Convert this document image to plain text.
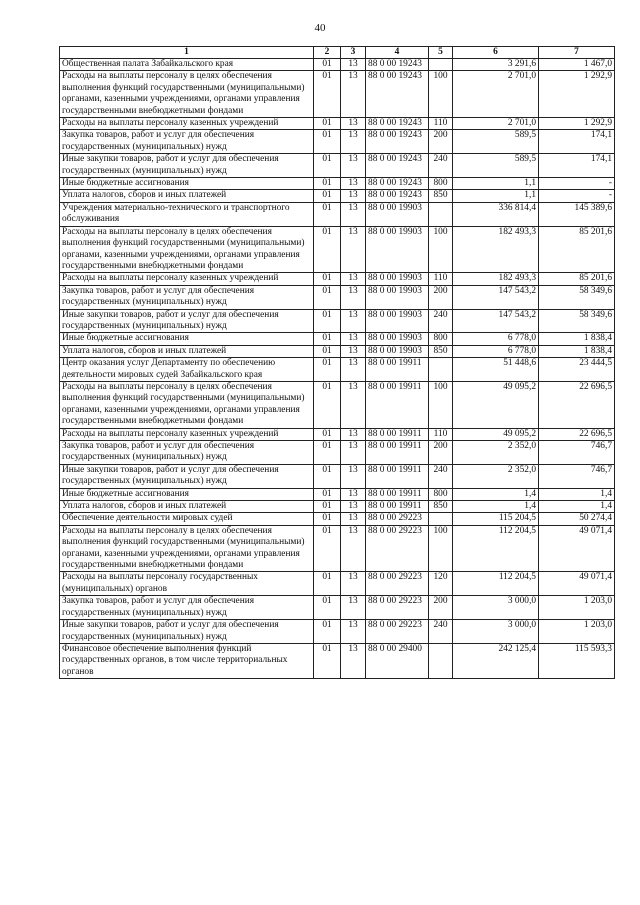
40
1	2	3	4	5	6	7
Общественная палата Забайкальского края	01	13	88 0 00 19243		3 291,6	1 467,0
Расходы на выплаты персоналу в целях обеспечения выполнения функций государственными (муниципальными) органами, казенными учреждениями, органами управления государственными внебюджетными фондами	01	13	88 0 00 19243	100	2 701,0	1 292,9
Расходы на выплаты персоналу казенных учреждений	01	13	88 0 00 19243	110	2 701,0	1 292,9
Закупка товаров, работ и услуг для обеспечения государственных (муниципальных) нужд	01	13	88 0 00 19243	200	589,5	174,1
Иные закупки товаров, работ и услуг для обеспечения государственных (муниципальных) нужд	01	13	88 0 00 19243	240	589,5	174,1
Иные бюджетные ассигнования	01	13	88 0 00 19243	800	1,1	-
Уплата налогов, сборов и иных платежей	01	13	88 0 00 19243	850	1,1	-
Учреждения материально-технического и транспортного обслуживания	01	13	88 0 00 19903		336 814,4	145 389,6
Расходы на выплаты персоналу в целях обеспечения выполнения функций государственными (муниципальными) органами, казенными учреждениями, органами управления государственными внебюджетными фондами	01	13	88 0 00 19903	100	182 493,3	85 201,6
Расходы на выплаты персоналу казенных учреждений	01	13	88 0 00 19903	110	182 493,3	85 201,6
Закупка товаров, работ и услуг для обеспечения государственных (муниципальных) нужд	01	13	88 0 00 19903	200	147 543,2	58 349,6
Иные закупки товаров, работ и услуг для обеспечения государственных (муниципальных) нужд	01	13	88 0 00 19903	240	147 543,2	58 349,6
Иные бюджетные ассигнования	01	13	88 0 00 19903	800	6 778,0	1 838,4
Уплата налогов, сборов и иных платежей	01	13	88 0 00 19903	850	6 778,0	1 838,4
Центр оказания услуг Департаменту по обеспечению деятельности мировых судей Забайкальского края	01	13	88 0 00 19911		51 448,6	23 444,5
Расходы на выплаты персоналу в целях обеспечения выполнения функций государственными (муниципальными) органами, казенными учреждениями, органами управления государственными внебюджетными фондами	01	13	88 0 00 19911	100	49 095,2	22 696,5
Расходы на выплаты персоналу казенных учреждений	01	13	88 0 00 19911	110	49 095,2	22 696,5
Закупка товаров, работ и услуг для обеспечения государственных (муниципальных) нужд	01	13	88 0 00 19911	200	2 352,0	746,7
Иные закупки товаров, работ и услуг для обеспечения государственных (муниципальных) нужд	01	13	88 0 00 19911	240	2 352,0	746,7
Иные бюджетные ассигнования	01	13	88 0 00 19911	800	1,4	1,4
Уплата налогов, сборов и иных платежей	01	13	88 0 00 19911	850	1,4	1,4
Обеспечение деятельности мировых судей	01	13	88 0 00 29223		115 204,5	50 274,4
Расходы на выплаты персоналу в целях обеспечения выполнения функций государственными (муниципальными) органами, казенными учреждениями, органами управления государственными внебюджетными фондами	01	13	88 0 00 29223	100	112 204,5	49 071,4
Расходы на выплаты персоналу государственных (муниципальных) органов	01	13	88 0 00 29223	120	112 204,5	49 071,4
Закупка товаров, работ и услуг для обеспечения государственных (муниципальных) нужд	01	13	88 0 00 29223	200	3 000,0	1 203,0
Иные закупки товаров, работ и услуг для обеспечения государственных (муниципальных) нужд	01	13	88 0 00 29223	240	3 000,0	1 203,0
Финансовое обеспечение выполнения функций государственных органов, в том числе территориальных органов	01	13	88 0 00 29400		242 125,4	115 593,3
